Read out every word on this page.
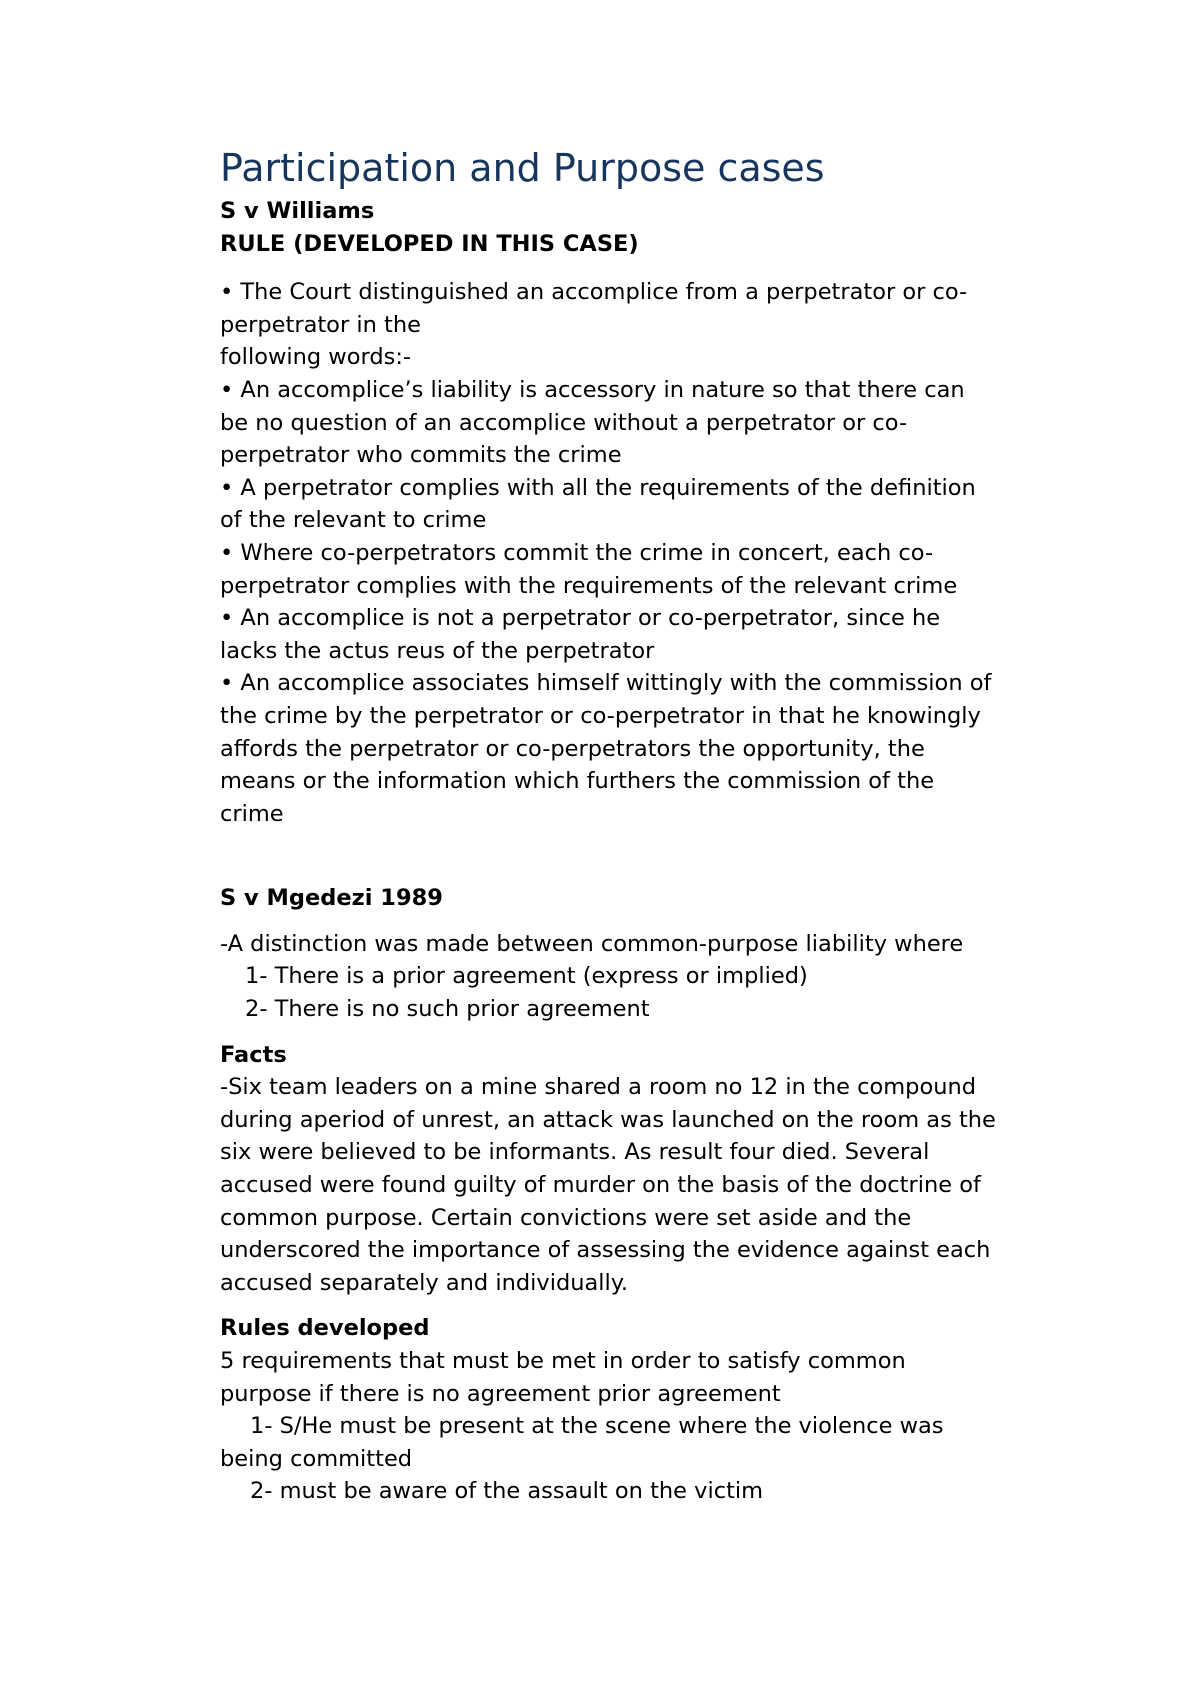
Participation and Purpose cases

S v Williams

RULE (DEVELOPED IN THIS CASE)

• The Court distinguished an accomplice from a perpetrator or co-

perpetrator in the

following words:-

• An accomplice’s liability is accessory in nature so that there can

be no question of an accomplice without a perpetrator or co-

perpetrator who commits the crime

• A perpetrator complies with all the requirements of the definition

of the relevant to crime

• Where co-perpetrators commit the crime in concert, each co-

perpetrator complies with the requirements of the relevant crime

• An accomplice is not a perpetrator or co-perpetrator, since he

lacks the actus reus of the perpetrator

• An accomplice associates himself wittingly with the commission of

the crime by the perpetrator or co-perpetrator in that he knowingly

affords the perpetrator or co-perpetrators the opportunity, the

means or the information which furthers the commission of the

crime

S v Mgedezi 1989

-A distinction was made between common-purpose liability where

1- There is a prior agreement (express or implied)

2- There is no such prior agreement

Facts

-Six team leaders on a mine shared a room no 12 in the compound

during aperiod of unrest, an attack was launched on the room as the

six were believed to be informants. As result four died. Several

accused were found guilty of murder on the basis of the doctrine of

common purpose. Certain convictions were set aside and the

underscored the importance of assessing the evidence against each

accused separately and individually.

Rules developed

5 requirements that must be met in order to satisfy common

purpose if there is no agreement prior agreement

1- S/He must be present at the scene where the violence was

being committed

2- must be aware of the assault on the victim
